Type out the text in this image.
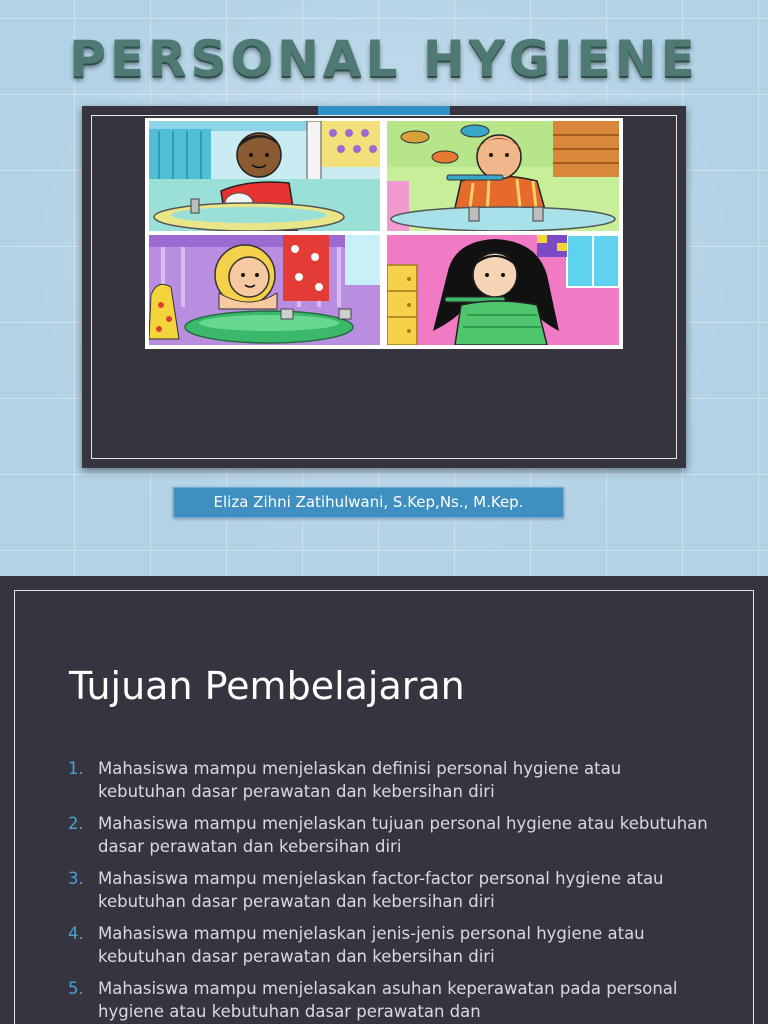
PERSONAL HYGIENE
Eliza Zihni Zatihulwani, S.Kep,Ns., M.Kep.
Tujuan Pembelajaran
1. Mahasiswa mampu menjelaskan definisi personal hygiene atau kebutuhan dasar perawatan dan kebersihan diri
2. Mahasiswa mampu menjelaskan tujuan personal hygiene atau kebutuhan dasar perawatan dan kebersihan diri
3. Mahasiswa mampu menjelaskan factor-factor personal hygiene atau kebutuhan dasar perawatan dan kebersihan diri
4. Mahasiswa mampu menjelaskan jenis-jenis personal hygiene atau kebutuhan dasar perawatan dan kebersihan diri
5. Mahasiswa mampu menjelasakan asuhan keperawatan pada personal hygiene atau kebutuhan dasar perawatan dan
